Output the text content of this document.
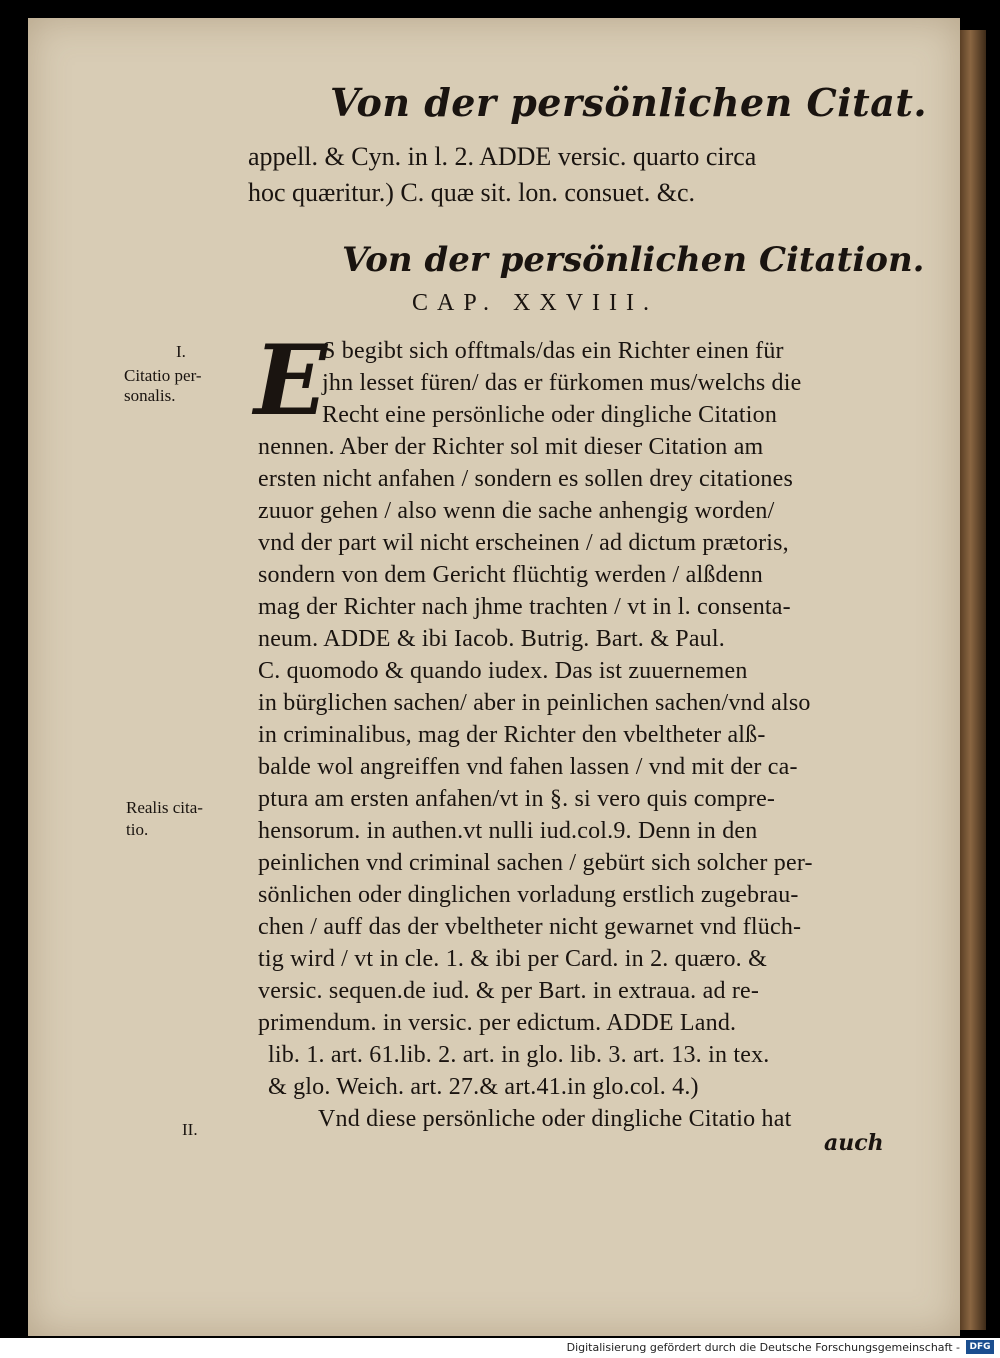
Von der persönlichen Citat.
appell. & Cyn. in l. 2. ADDE versic. quarto circa
hoc quæritur.) C. quæ sit. lon. consuet. &c.
Von der persönlichen Citation.
CAP. XXVIII.
E
S begibt sich offtmals/das ein Richter einen für
jhn lesset füren/ das er fürkomen mus/welchs die
Recht eine persönliche oder dingliche Citation
nennen. Aber der Richter sol mit dieser Citation am
ersten nicht anfahen / sondern es sollen drey citationes
zuuor gehen / also wenn die sache anhengig worden/
vnd der part wil nicht erscheinen / ad dictum prætoris,
sondern von dem Gericht flüchtig werden / alßdenn
mag der Richter nach jhme trachten / vt in l. consenta-
neum. ADDE & ibi Iacob. Butrig. Bart. & Paul.
C. quomodo & quando iudex. Das ist zuuernemen
in bürglichen sachen/ aber in peinlichen sachen/vnd also
in criminalibus, mag der Richter den vbeltheter alß-
balde wol angreiffen vnd fahen lassen / vnd mit der ca-
ptura am ersten anfahen/vt in §. si vero quis compre-
hensorum. in authen.vt nulli iud.col.9. Denn in den
peinlichen vnd criminal sachen / gebürt sich solcher per-
sönlichen oder dinglichen vorladung erstlich zugebrau-
chen / auff das der vbeltheter nicht gewarnet vnd flüch-
tig wird / vt in cle. 1. & ibi per Card. in 2. quæro. &
versic. sequen.de iud. & per Bart. in extraua. ad re-
primendum. in versic. per edictum. ADDE Land.
lib. 1. art. 61.lib. 2. art. in glo. lib. 3. art. 13. in tex.
& glo. Weich. art. 27.& art.41.in glo.col. 4.)
Vnd diese persönliche oder dingliche Citatio hat
auch
I.
Citatio per-
sonalis.
Realis cita-
tio.
II.
Digitalisierung gefördert durch die Deutsche Forschungsgemeinschaft -	DFG
